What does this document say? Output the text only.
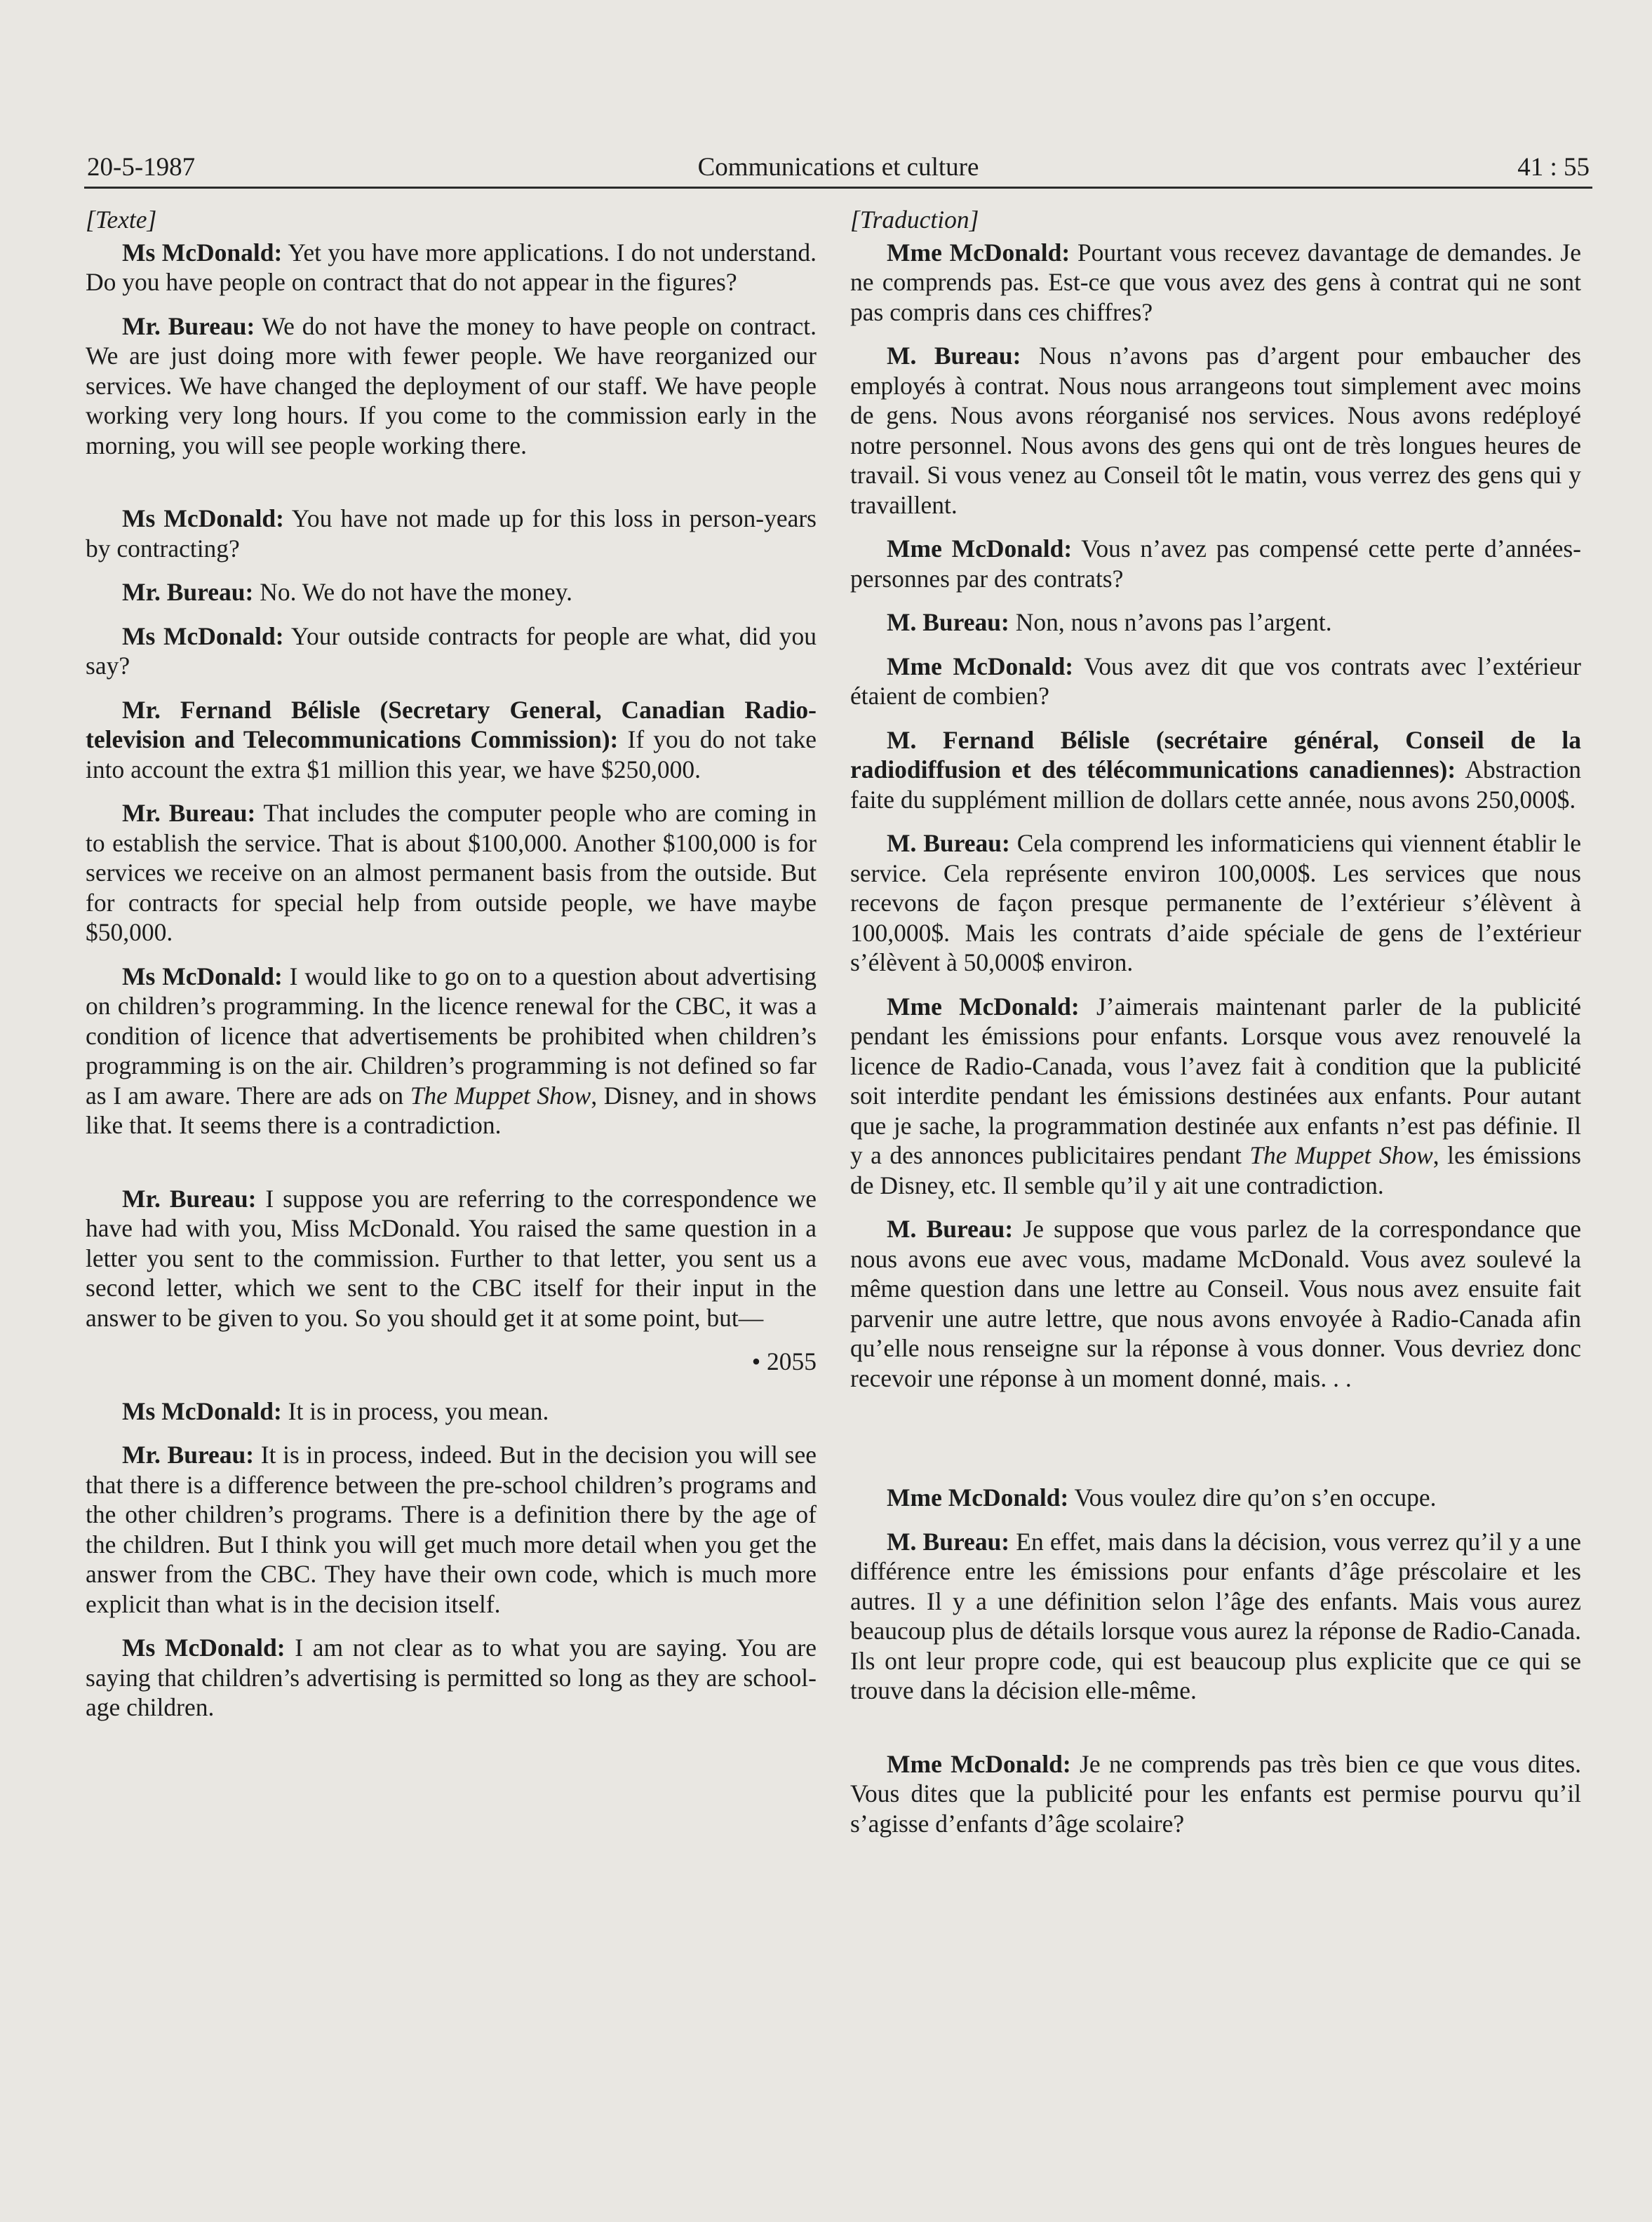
20-5-1987	Communications et culture	41 : 55
[Texte]

Ms McDonald: Yet you have more applications. I do not understand. Do you have people on contract that do not appear in the figures?

Mr. Bureau: We do not have the money to have people on contract. We are just doing more with fewer people. We have reorganized our services. We have changed the deployment of our staff. We have people working very long hours. If you come to the commission early in the morning, you will see people working there.

Ms McDonald: You have not made up for this loss in person-years by contracting?

Mr. Bureau: No. We do not have the money.

Ms McDonald: Your outside contracts for people are what, did you say?

Mr. Fernand Bélisle (Secretary General, Canadian Radio-television and Telecommunications Commission): If you do not take into account the extra $1 million this year, we have $250,000.

Mr. Bureau: That includes the computer people who are coming in to establish the service. That is about $100,000. Another $100,000 is for services we receive on an almost permanent basis from the outside. But for contracts for special help from outside people, we have maybe $50,000.

Ms McDonald: I would like to go on to a question about advertising on children’s programming. In the licence renewal for the CBC, it was a condition of licence that advertisements be prohibited when children’s programming is on the air. Children’s programming is not defined so far as I am aware. There are ads on The Muppet Show, Disney, and in shows like that. It seems there is a contradiction.

Mr. Bureau: I suppose you are referring to the correspondence we have had with you, Miss McDonald. You raised the same question in a letter you sent to the commission. Further to that letter, you sent us a second letter, which we sent to the CBC itself for their input in the answer to be given to you. So you should get it at some point, but—

• 2055

Ms McDonald: It is in process, you mean.

Mr. Bureau: It is in process, indeed. But in the decision you will see that there is a difference between the pre-school children’s programs and the other children’s programs. There is a definition there by the age of the children. But I think you will get much more detail when you get the answer from the CBC. They have their own code, which is much more explicit than what is in the decision itself.

Ms McDonald: I am not clear as to what you are saying. You are saying that children’s advertising is permitted so long as they are school-age children.

[Traduction]

Mme McDonald: Pourtant vous recevez davantage de demandes. Je ne comprends pas. Est-ce que vous avez des gens à contrat qui ne sont pas compris dans ces chiffres?

M. Bureau: Nous n’avons pas d’argent pour embaucher des employés à contrat. Nous nous arrangeons tout simplement avec moins de gens. Nous avons réorganisé nos services. Nous avons redéployé notre personnel. Nous avons des gens qui ont de très longues heures de travail. Si vous venez au Conseil tôt le matin, vous verrez des gens qui y travaillent.

Mme McDonald: Vous n’avez pas compensé cette perte d’années-personnes par des contrats?

M. Bureau: Non, nous n’avons pas l’argent.

Mme McDonald: Vous avez dit que vos contrats avec l’extérieur étaient de combien?

M. Fernand Bélisle (secrétaire général, Conseil de la radiodiffusion et des télécommunications canadiennes): Abstraction faite du supplément million de dollars cette année, nous avons 250,000$.

M. Bureau: Cela comprend les informaticiens qui viennent établir le service. Cela représente environ 100,000$. Les services que nous recevons de façon presque permanente de l’extérieur s’élèvent à 100,000$. Mais les contrats d’aide spéciale de gens de l’extérieur s’élèvent à 50,000$ environ.

Mme McDonald: J’aimerais maintenant parler de la publicité pendant les émissions pour enfants. Lorsque vous avez renouvelé la licence de Radio-Canada, vous l’avez fait à condition que la publicité soit interdite pendant les émissions destinées aux enfants. Pour autant que je sache, la programmation destinée aux enfants n’est pas définie. Il y a des annonces publicitaires pendant The Muppet Show, les émissions de Disney, etc. Il semble qu’il y ait une contradiction.

M. Bureau: Je suppose que vous parlez de la correspondance que nous avons eue avec vous, madame McDonald. Vous avez soulevé la même question dans une lettre au Conseil. Vous nous avez ensuite fait parvenir une autre lettre, que nous avons envoyée à Radio-Canada afin qu’elle nous renseigne sur la réponse à vous donner. Vous devriez donc recevoir une réponse à un moment donné, mais. . .

Mme McDonald: Vous voulez dire qu’on s’en occupe.

M. Bureau: En effet, mais dans la décision, vous verrez qu’il y a une différence entre les émissions pour enfants d’âge préscolaire et les autres. Il y a une définition selon l’âge des enfants. Mais vous aurez beaucoup plus de détails lorsque vous aurez la réponse de Radio-Canada. Ils ont leur propre code, qui est beaucoup plus explicite que ce qui se trouve dans la décision elle-même.

Mme McDonald: Je ne comprends pas très bien ce que vous dites. Vous dites que la publicité pour les enfants est permise pourvu qu’il s’agisse d’enfants d’âge scolaire?
